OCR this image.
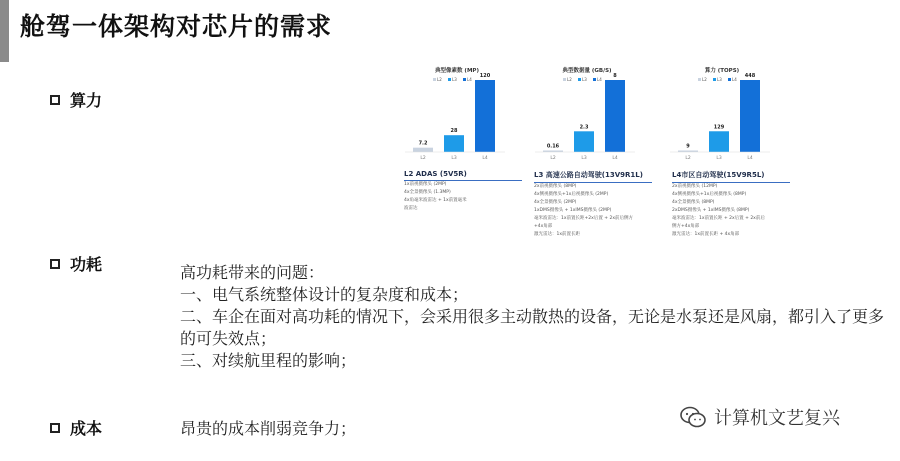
舱驾一体架构对芯片的需求
算力
功耗
成本
高功耗带来的问题：
一、电气系统整体设计的复杂度和成本；
二、车企在面对高功耗的情况下，会采用很多主动散热的设备，无论是水泵还是风扇，都引入了更多的可失效点；
三、对续航里程的影响；
昂贵的成本削弱竞争力；
典型像素数 (MP)
L2	L3	L4
7.2
L2
28
L3
120
L4
典型数据量 (GB/S)
L2	L3	L4
0.16
L2
2.3
L3
8
L4
算力 (TOPS)
L2	L3	L4
9
L2
129
L3
448
L4
L2 ADAS (5V5R)
1x前视摄像头 (2MP)
4x全景摄像头 (1.3MP)
4x角毫米波雷达 + 1x前置毫米
波雷达
L3 高速公路自动驾驶(13V9R1L)
2x前视摄像头 (8MP)
4x侧视摄像头+1x后视摄像头 (2MP)
4x全景摄像头 (2MP)
1xDMS摄像头 + 1xIMS摄像头 (2MP)
毫米波雷达：1x前置长距+2x后置 + 2x前后侧方
+4x角部
激光雷达：1x前置长距
L4市区自动驾驶(15V9R5L)
2x前视摄像头 (12MP)
4x侧视摄像头+1x后视摄像头 (8MP)
4x全景摄像头 (8MP)
2xDMS摄像头 + 1xIMS摄像头 (8MP)
毫米波雷达：1x前置长距 + 2x后置 + 2x前后
侧方+4x角部
激光雷达：1x前置长距 + 4x角部
计算机文艺复兴
